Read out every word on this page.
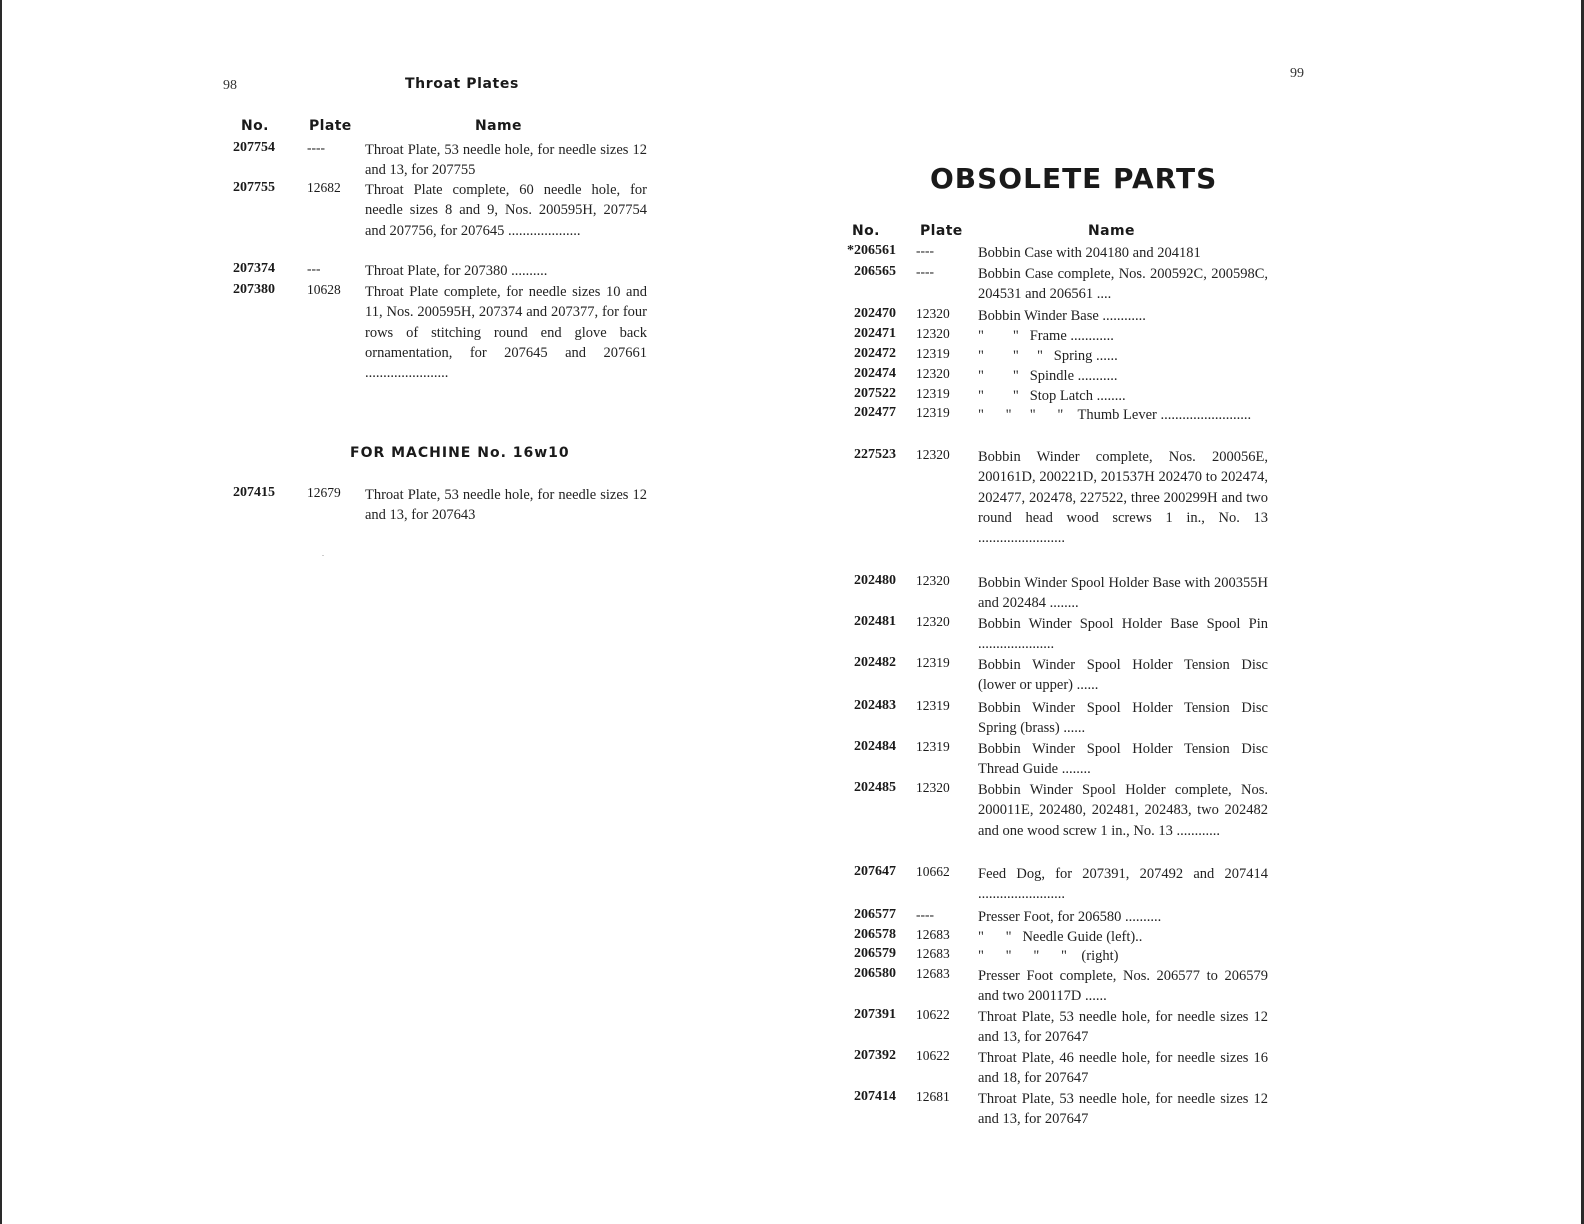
98	Throat Plates
No.	Plate	Name
207754 ----	Throat Plate, 53 needle hole, for needle sizes 12 and 13, for 207755
207755 12682 Throat Plate complete, 60 needle hole, for needle sizes 8 and 9, Nos. 200595H, 207754 and 207756, for 207645 ....................
207374 ---	Throat Plate, for 207380 ..........
207380 10628 Throat Plate complete, for needle sizes 10 and 11, Nos. 200595H, 207374 and 207377, for four rows of stitching round end glove back ornamentation, for 207645 and 207661 .......................
FOR MACHINE No. 16w10
207415 12679 Throat Plate, 53 needle hole, for needle sizes 12 and 13, for 207643
99
OBSOLETE PARTS
No.	Plate	Name
*206561 ----	Bobbin Case with 204180 and 204181
206565 ----	Bobbin Case complete, Nos. 200592C, 200598C, 204531 and 206561 ....
202470 12320 Bobbin Winder Base ............
202471 12320 "        "   Frame ............
202472 12319 "        "     "   Spring ......
202474 12320 "        "   Spindle ...........
207522 12319 "        "   Stop Latch ........
202477 12319 "      "     "      "    Thumb Lever .........................
227523 12320 Bobbin Winder complete, Nos. 200056E, 200161D, 200221D, 201537H 202470 to 202474, 202477, 202478, 227522, three 200299H and two round head wood screws 1 in., No. 13 ........................
202480 12320 Bobbin Winder Spool Holder Base with 200355H and 202484 ........
202481 12320 Bobbin Winder Spool Holder Base Spool Pin .....................
202482 12319 Bobbin Winder Spool Holder Tension Disc (lower or upper) ......
202483 12319 Bobbin Winder Spool Holder Tension Disc Spring (brass) ......
202484 12319 Bobbin Winder Spool Holder Tension Disc Thread Guide ........
202485 12320 Bobbin Winder Spool Holder complete, Nos. 200011E, 202480, 202481, 202483, two 202482 and one wood screw 1 in., No. 13 ............
207647 10662 Feed Dog, for 207391, 207492 and 207414 ........................
206577 ----	Presser Foot, for 206580 ..........
206578 12683 "      "   Needle Guide (left)..
206579 12683 "      "      "      "    (right)
206580 12683 Presser Foot complete, Nos. 206577 to 206579 and two 200117D ......
207391 10622 Throat Plate, 53 needle hole, for needle sizes 12 and 13, for 207647
207392 10622 Throat Plate, 46 needle hole, for needle sizes 16 and 18, for 207647
207414 12681 Throat Plate, 53 needle hole, for needle sizes 12 and 13, for 207647
